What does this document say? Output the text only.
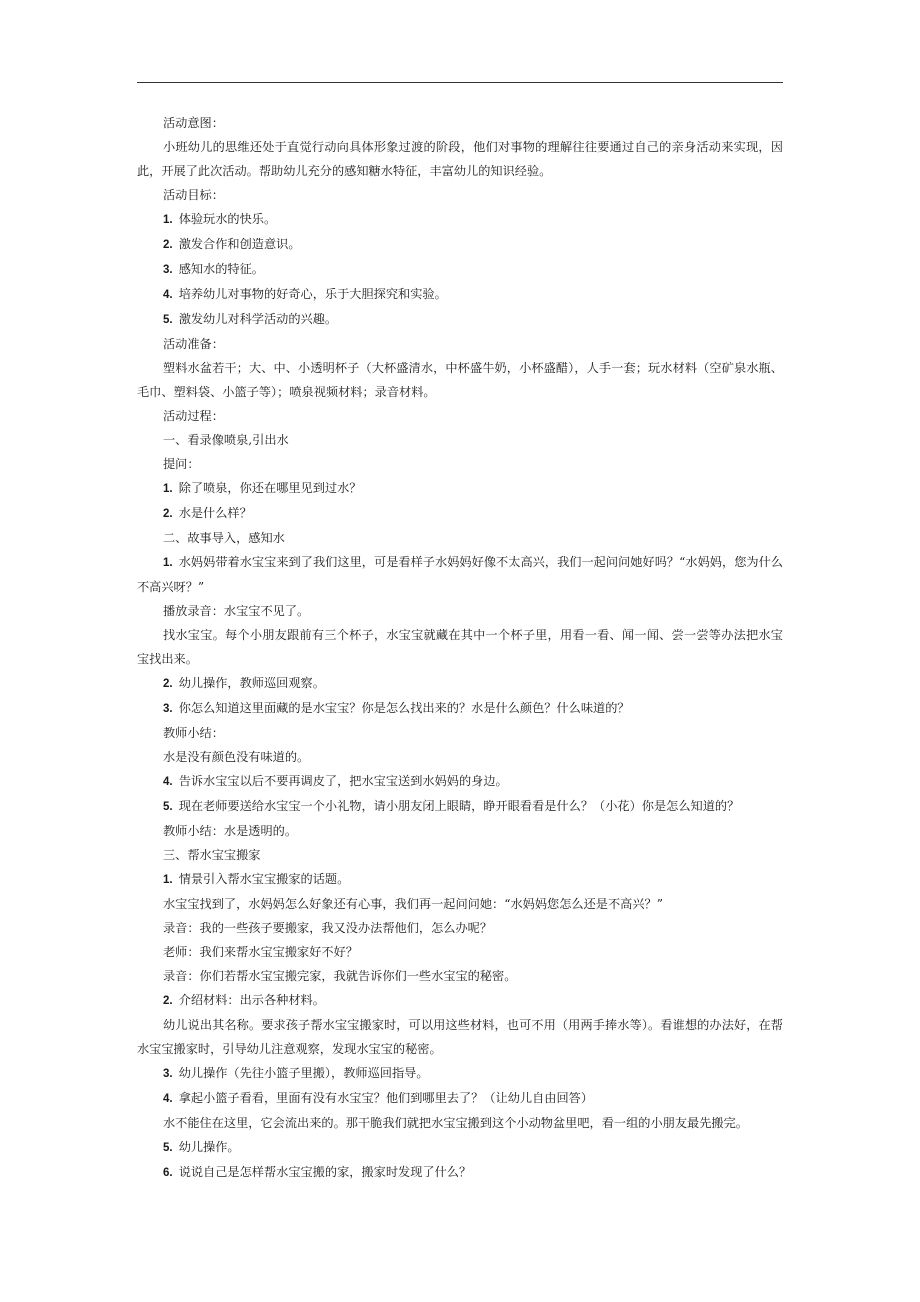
活动意图：

小班幼儿的思维还处于直觉行动向具体形象过渡的阶段，他们对事物的理解往往要通过自己的亲身活动来实现，因此，开展了此次活动。帮助幼儿充分的感知糖水特征，丰富幼儿的知识经验。

活动目标：

1.  体验玩水的快乐。

2.  激发合作和创造意识。

3.  感知水的特征。

4.  培养幼儿对事物的好奇心，乐于大胆探究和实验。

5.  激发幼儿对科学活动的兴趣。

活动准备：

塑料水盆若干；大、中、小透明杯子（大杯盛清水，中杯盛牛奶，小杯盛醋），人手一套；玩水材料（空矿泉水瓶、毛巾、塑料袋、小篮子等）；喷泉视频材料；录音材料。

活动过程：

一、看录像喷泉,引出水

提问：

1.  除了喷泉，你还在哪里见到过水？

2.  水是什么样？

二、故事导入，感知水

1.  水妈妈带着水宝宝来到了我们这里，可是看样子水妈妈好像不太高兴，我们一起问问她好吗？“水妈妈，您为什么不高兴呀？”

播放录音：水宝宝不见了。

找水宝宝。每个小朋友跟前有三个杯子，水宝宝就藏在其中一个杯子里，用看一看、闻一闻、尝一尝等办法把水宝宝找出来。

2.  幼儿操作，教师巡回观察。

3.  你怎么知道这里面藏的是水宝宝？你是怎么找出来的？水是什么颜色？什么味道的？

教师小结：

水是没有颜色没有味道的。

4.  告诉水宝宝以后不要再调皮了，把水宝宝送到水妈妈的身边。

5.  现在老师要送给水宝宝一个小礼物，请小朋友闭上眼睛，睁开眼看看是什么？（小花）你是怎么知道的？

教师小结：水是透明的。

三、帮水宝宝搬家

1.  情景引入帮水宝宝搬家的话题。

水宝宝找到了，水妈妈怎么好象还有心事，我们再一起问问她：“水妈妈您怎么还是不高兴？”

录音：我的一些孩子要搬家，我又没办法帮他们，怎么办呢？

老师：我们来帮水宝宝搬家好不好？

录音：你们若帮水宝宝搬完家，我就告诉你们一些水宝宝的秘密。

2.  介绍材料：出示各种材料。

幼儿说出其名称。要求孩子帮水宝宝搬家时，可以用这些材料，也可不用（用两手捧水等）。看谁想的办法好，在帮水宝宝搬家时，引导幼儿注意观察，发现水宝宝的秘密。

3.  幼儿操作（先往小篮子里搬），教师巡回指导。

4.  拿起小篮子看看，里面有没有水宝宝？他们到哪里去了？（让幼儿自由回答）

水不能住在这里，它会流出来的。那干脆我们就把水宝宝搬到这个小动物盆里吧，看一组的小朋友最先搬完。

5.  幼儿操作。

6.  说说自己是怎样帮水宝宝搬的家，搬家时发现了什么？
